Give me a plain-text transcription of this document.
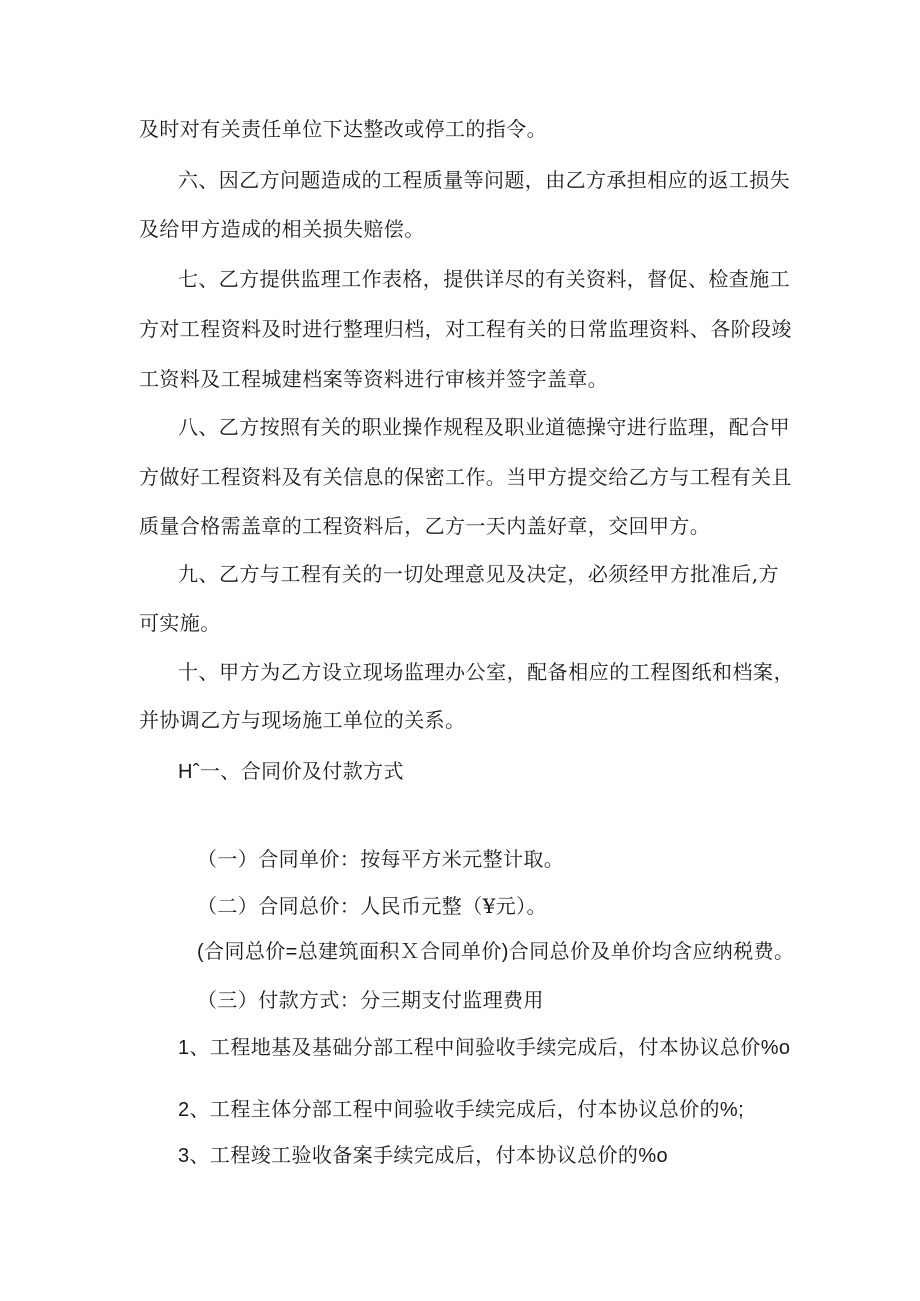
及时对有关责任单位下达整改或停工的指令。
六、因乙方问题造成的工程质量等问题，由乙方承担相应的返工损失
及给甲方造成的相关损失赔偿。
七、乙方提供监理工作表格，提供详尽的有关资料，督促、检查施工
方对工程资料及时进行整理归档，对工程有关的日常监理资料、各阶段竣
工资料及工程城建档案等资料进行审核并签字盖章。
八、乙方按照有关的职业操作规程及职业道德操守进行监理，配合甲
方做好工程资料及有关信息的保密工作。当甲方提交给乙方与工程有关且
质量合格需盖章的工程资料后，乙方一天内盖好章，交回甲方。
九、乙方与工程有关的一切处理意见及决定，必须经甲方批准后,方
可实施。
十、甲方为乙方设立现场监理办公室，配备相应的工程图纸和档案，
并协调乙方与现场施工单位的关系。
Hˆ一、合同价及付款方式
（一）合同单价：按每平方米元整计取。
（二）合同总价：人民币元整（¥元）。
(合同总价=总建筑面积Ｘ合同单价)合同总价及单价均含应纳税费。
（三）付款方式：分三期支付监理费用
1、工程地基及基础分部工程中间验收手续完成后，付本协议总价%o
2、工程主体分部工程中间验收手续完成后，付本协议总价的%;
3、工程竣工验收备案手续完成后，付本协议总价的%o
